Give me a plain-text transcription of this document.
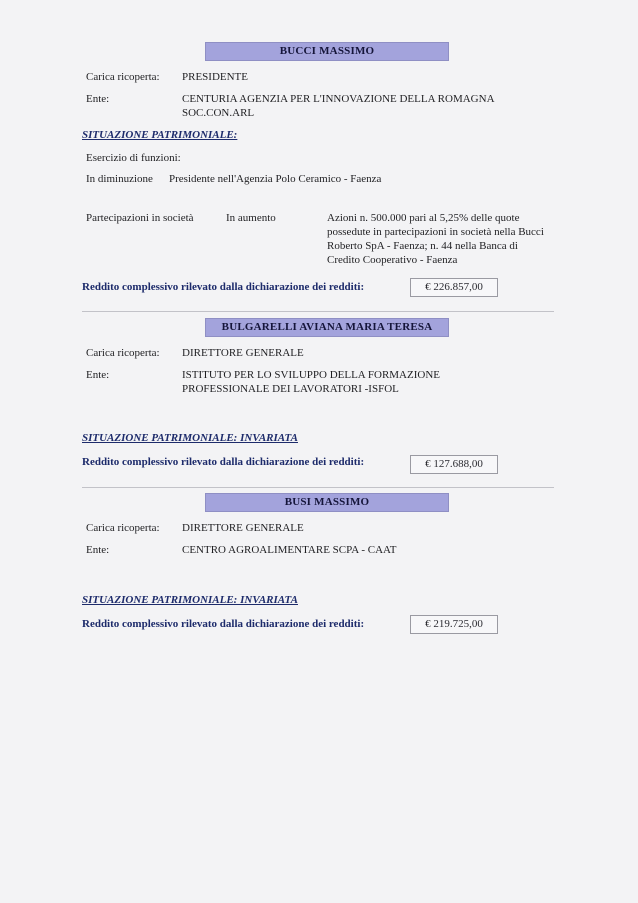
BUCCI MASSIMO
Carica ricoperta: PRESIDENTE
Ente:	CENTURIA AGENZIA PER L'INNOVAZIONE DELLA ROMAGNA
SOC.CON.ARL
SITUAZIONE PATRIMONIALE:
Esercizio di funzioni:
In diminuzione Presidente nell'Agenzia Polo Ceramico - Faenza
Partecipazioni in società	In aumento	Azioni n. 500.000 pari al 5,25% delle quote
possedute in partecipazioni in società nella Bucci
Roberto SpA - Faenza; n. 44 nella Banca di
Credito Cooperativo - Faenza
Reddito complessivo rilevato dalla dichiarazione dei redditi:	€ 226.857,00
BULGARELLI AVIANA MARIA TERESA
Carica ricoperta: DIRETTORE GENERALE
Ente:	ISTITUTO PER LO SVILUPPO DELLA FORMAZIONE
PROFESSIONALE DEI LAVORATORI -ISFOL
SITUAZIONE PATRIMONIALE: INVARIATA
Reddito complessivo rilevato dalla dichiarazione dei redditi:	€ 127.688,00
BUSI MASSIMO
Carica ricoperta: DIRETTORE GENERALE
Ente:	CENTRO AGROALIMENTARE SCPA - CAAT
SITUAZIONE PATRIMONIALE: INVARIATA
Reddito complessivo rilevato dalla dichiarazione dei redditi:	€ 219.725,00
